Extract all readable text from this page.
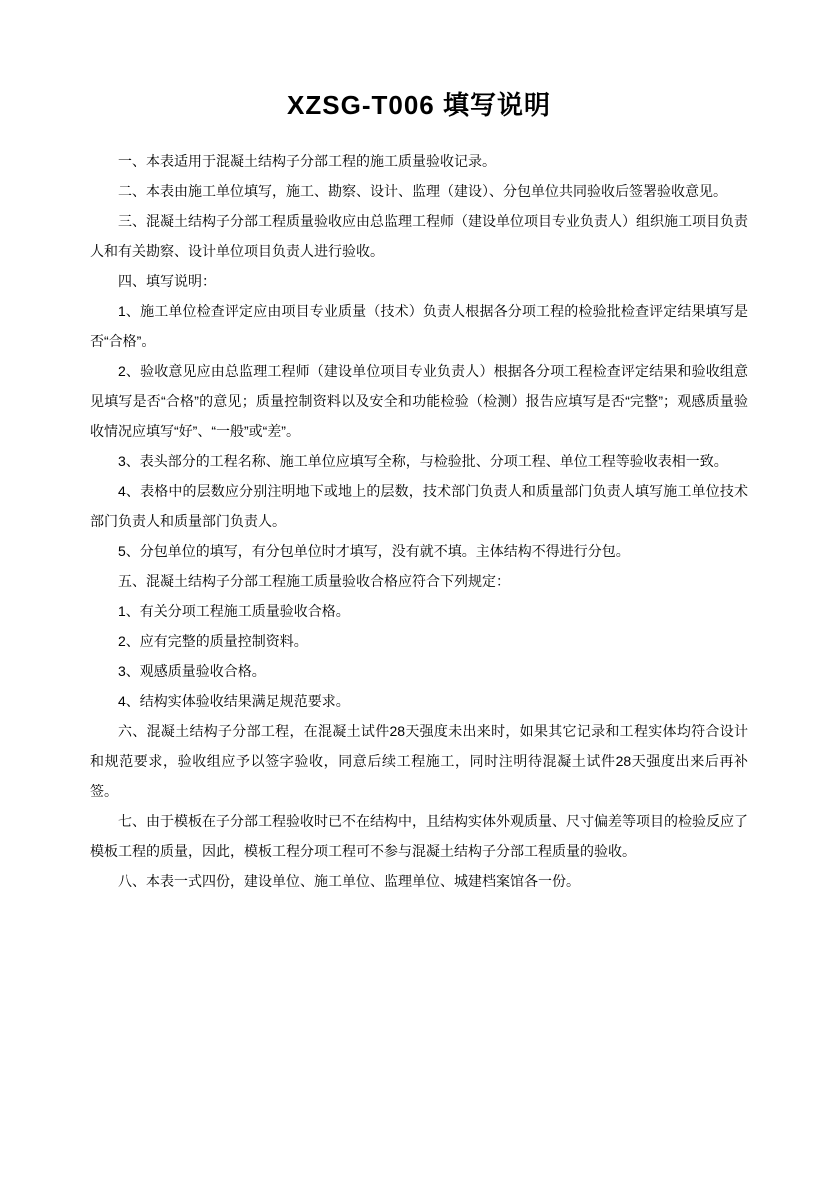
XZSG-T006 填写说明

一、本表适用于混凝土结构子分部工程的施工质量验收记录。

二、本表由施工单位填写，施工、勘察、设计、监理（建设）、分包单位共同验收后签署验收意见。

三、混凝土结构子分部工程质量验收应由总监理工程师（建设单位项目专业负责人）组织施工项目负责人和有关勘察、设计单位项目负责人进行验收。

四、填写说明：

1、施工单位检查评定应由项目专业质量（技术）负责人根据各分项工程的检验批检查评定结果填写是否“合格”。

2、验收意见应由总监理工程师（建设单位项目专业负责人）根据各分项工程检查评定结果和验收组意见填写是否“合格”的意见；质量控制资料以及安全和功能检验（检测）报告应填写是否“完整”；观感质量验收情况应填写“好”、“一般”或“差”。

3、表头部分的工程名称、施工单位应填写全称，与检验批、分项工程、单位工程等验收表相一致。

4、表格中的层数应分别注明地下或地上的层数，技术部门负责人和质量部门负责人填写施工单位技术部门负责人和质量部门负责人。

5、分包单位的填写，有分包单位时才填写，没有就不填。主体结构不得进行分包。

五、混凝土结构子分部工程施工质量验收合格应符合下列规定：

1、有关分项工程施工质量验收合格。

2、应有完整的质量控制资料。

3、观感质量验收合格。

4、结构实体验收结果满足规范要求。

六、混凝土结构子分部工程，在混凝土试件28天强度未出来时，如果其它记录和工程实体均符合设计和规范要求，验收组应予以签字验收，同意后续工程施工，同时注明待混凝土试件28天强度出来后再补签。

七、由于模板在子分部工程验收时已不在结构中，且结构实体外观质量、尺寸偏差等项目的检验反应了模板工程的质量，因此，模板工程分项工程可不参与混凝土结构子分部工程质量的验收。

八、本表一式四份，建设单位、施工单位、监理单位、城建档案馆各一份。
